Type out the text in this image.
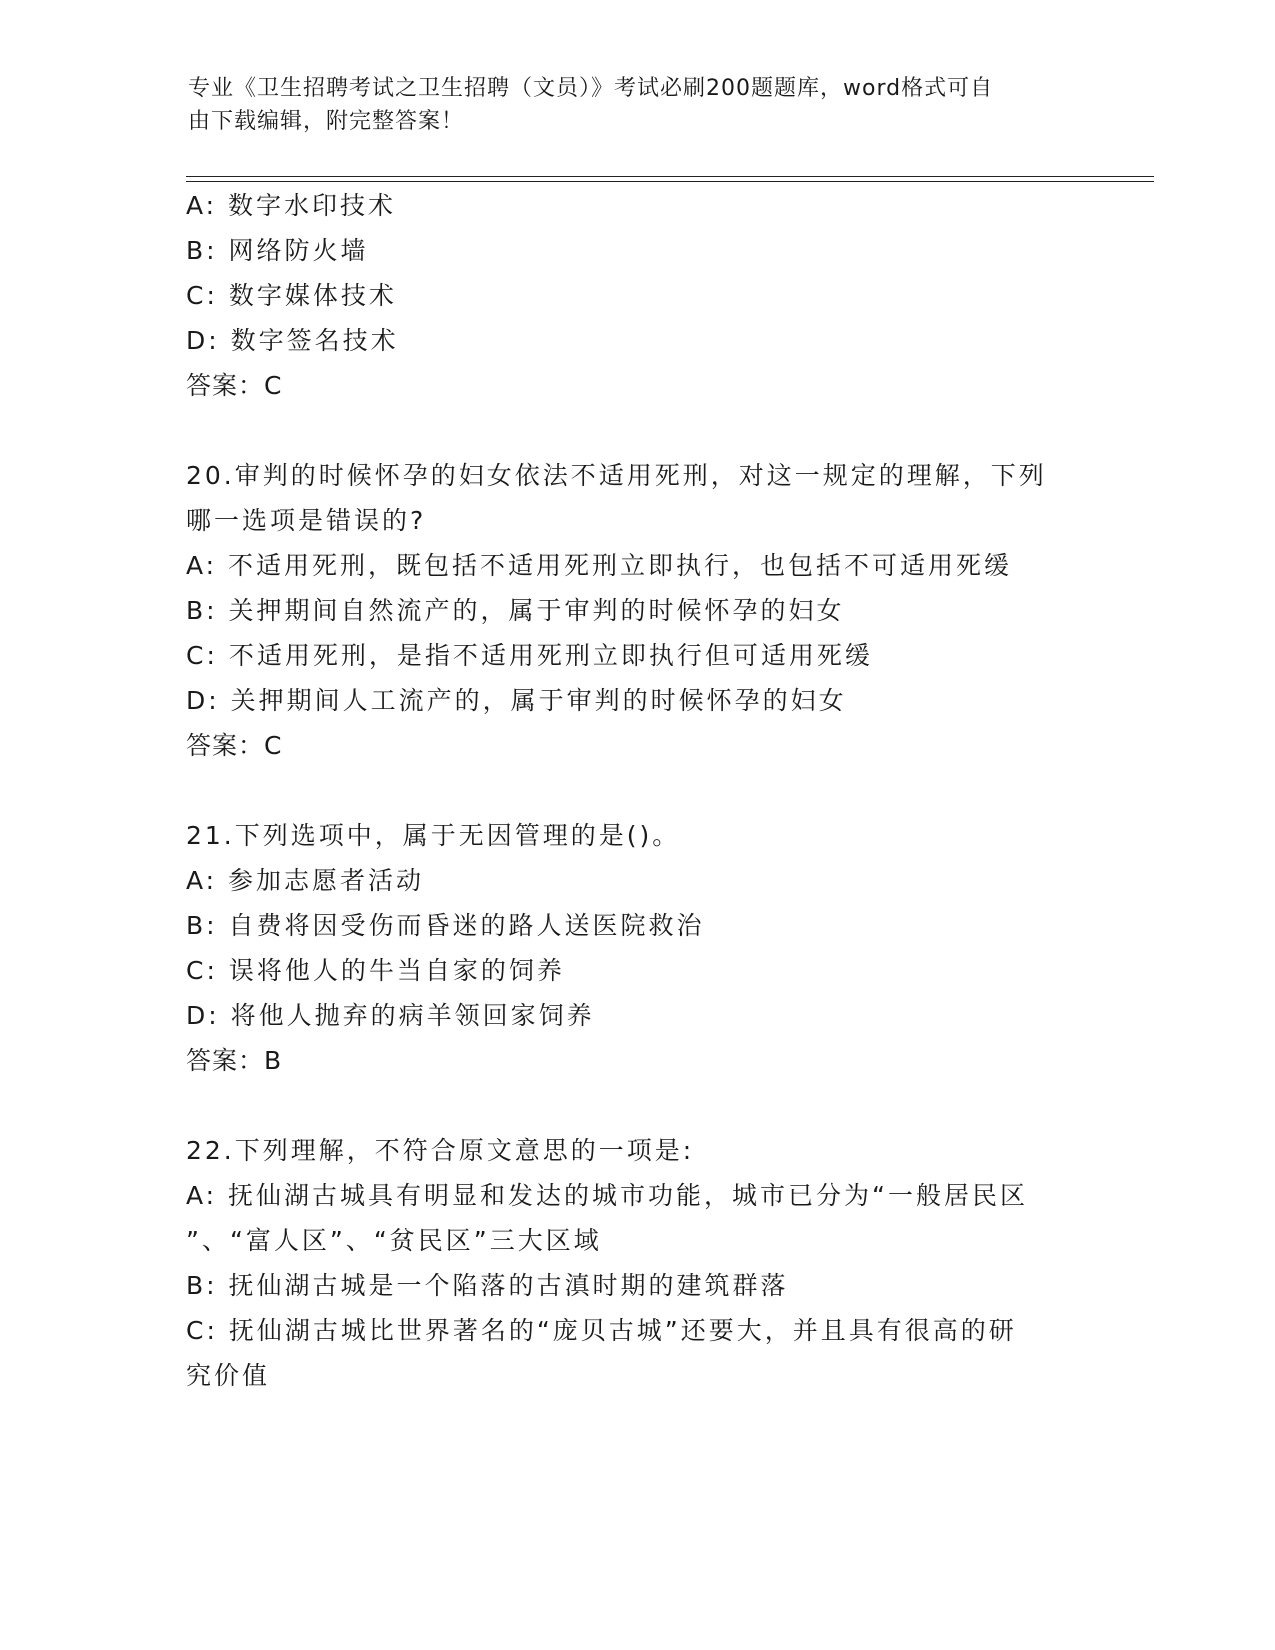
专业《卫生招聘考试之卫生招聘（文员）》考试必刷200题题库，word格式可自
由下载编辑，附完整答案！
A: 数字水印技术
B: 网络防火墙
C: 数字媒体技术
D: 数字签名技术
答案：C
20.审判的时候怀孕的妇女依法不适用死刑，对这一规定的理解，下列
哪一选项是错误的?
A: 不适用死刑，既包括不适用死刑立即执行，也包括不可适用死缓
B: 关押期间自然流产的，属于审判的时候怀孕的妇女
C: 不适用死刑，是指不适用死刑立即执行但可适用死缓
D: 关押期间人工流产的，属于审判的时候怀孕的妇女
答案：C
21.下列选项中，属于无因管理的是()。
A: 参加志愿者活动
B: 自费将因受伤而昏迷的路人送医院救治
C: 误将他人的牛当自家的饲养
D: 将他人抛弃的病羊领回家饲养
答案：B
22.下列理解，不符合原文意思的一项是:
A: 抚仙湖古城具有明显和发达的城市功能，城市已分为“一般居民区
”、“富人区”、“贫民区”三大区域
B: 抚仙湖古城是一个陷落的古滇时期的建筑群落
C: 抚仙湖古城比世界著名的“庞贝古城”还要大，并且具有很高的研
究价值
